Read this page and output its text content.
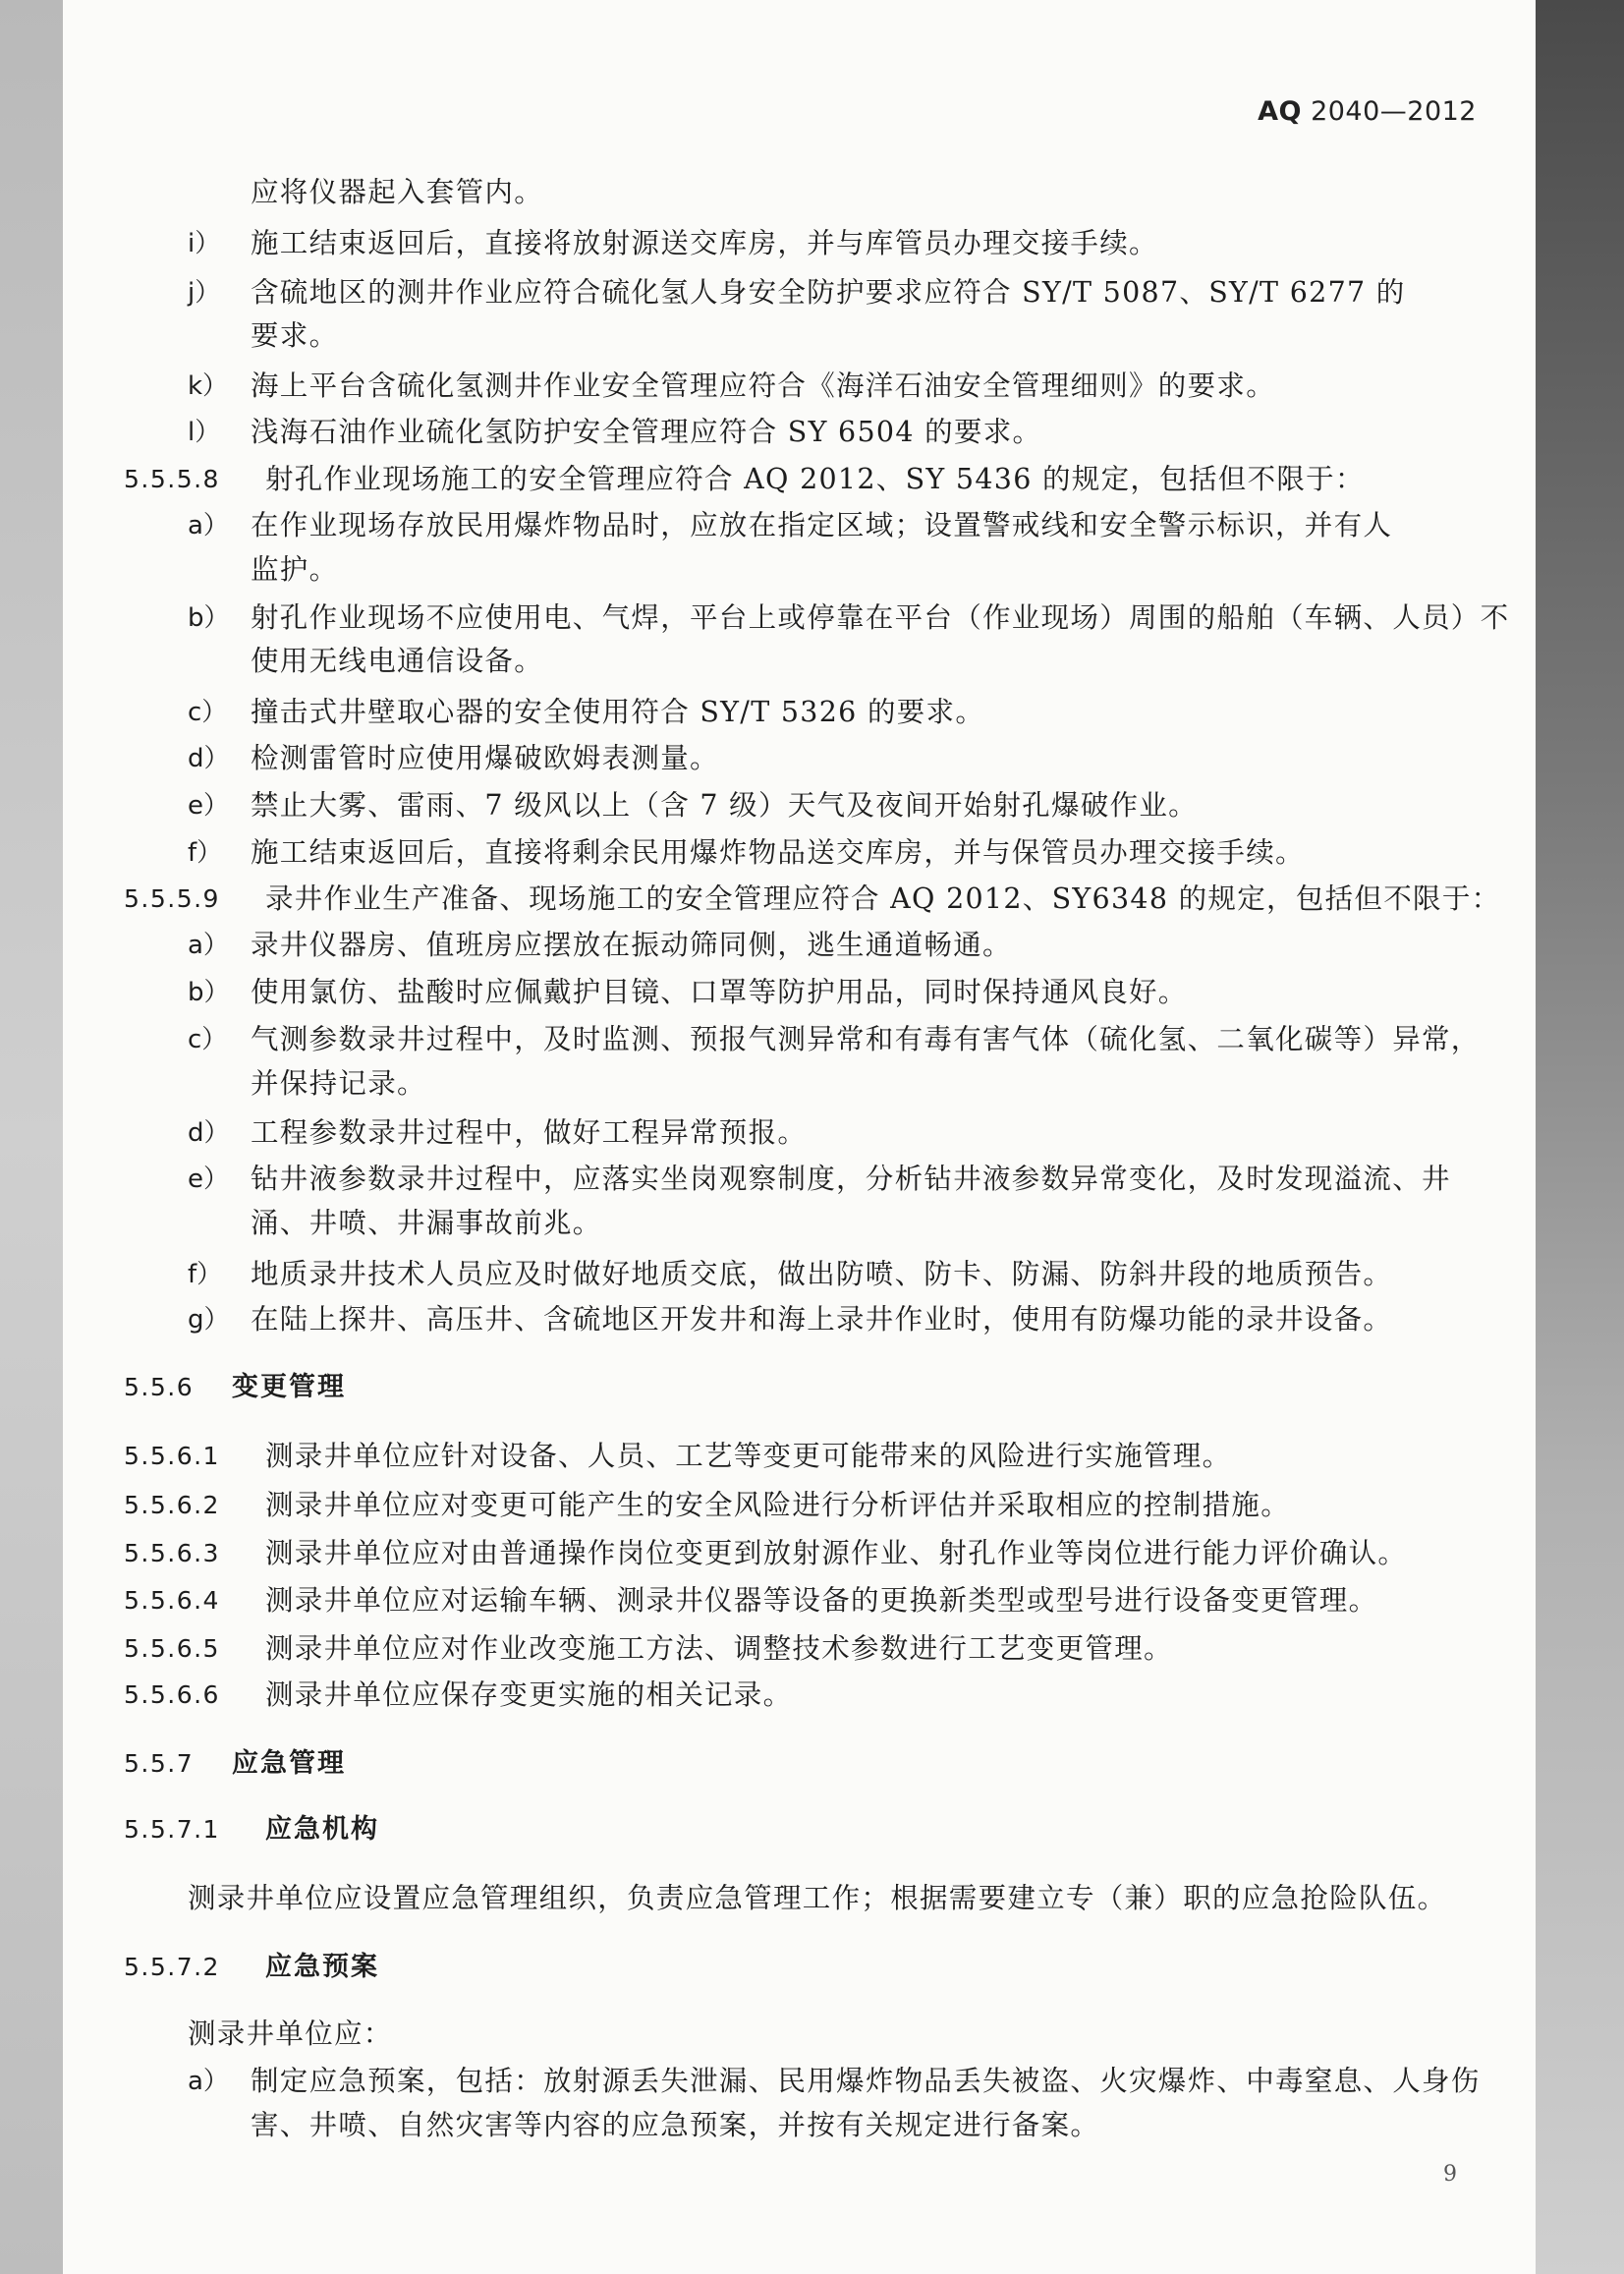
AQ 2040—2012
应将仪器起入套管内。
i） 施工结束返回后，直接将放射源送交库房，并与库管员办理交接手续。
j） 含硫地区的测井作业应符合硫化氢人身安全防护要求应符合 SY/T 5087、SY/T 6277 的
要求。
k） 海上平台含硫化氢测井作业安全管理应符合《海洋石油安全管理细则》的要求。
l） 浅海石油作业硫化氢防护安全管理应符合 SY 6504 的要求。
5.5.5.8 射孔作业现场施工的安全管理应符合 AQ 2012、SY 5436 的规定，包括但不限于：
a） 在作业现场存放民用爆炸物品时，应放在指定区域；设置警戒线和安全警示标识，并有人
监护。
b） 射孔作业现场不应使用电、气焊，平台上或停靠在平台（作业现场）周围的船舶（车辆、人员）不
使用无线电通信设备。
c） 撞击式井壁取心器的安全使用符合 SY/T 5326 的要求。
d） 检测雷管时应使用爆破欧姆表测量。
e） 禁止大雾、雷雨、7 级风以上（含 7 级）天气及夜间开始射孔爆破作业。
f） 施工结束返回后，直接将剩余民用爆炸物品送交库房，并与保管员办理交接手续。
5.5.5.9 录井作业生产准备、现场施工的安全管理应符合 AQ 2012、SY6348 的规定，包括但不限于：
a） 录井仪器房、值班房应摆放在振动筛同侧，逃生通道畅通。
b） 使用氯仿、盐酸时应佩戴护目镜、口罩等防护用品，同时保持通风良好。
c） 气测参数录井过程中，及时监测、预报气测异常和有毒有害气体（硫化氢、二氧化碳等）异常，
并保持记录。
d） 工程参数录井过程中，做好工程异常预报。
e） 钻井液参数录井过程中，应落实坐岗观察制度，分析钻井液参数异常变化，及时发现溢流、井
涌、井喷、井漏事故前兆。
f） 地质录井技术人员应及时做好地质交底，做出防喷、防卡、防漏、防斜井段的地质预告。
g） 在陆上探井、高压井、含硫地区开发井和海上录井作业时，使用有防爆功能的录井设备。
5.5.6 变更管理
5.5.6.1 测录井单位应针对设备、人员、工艺等变更可能带来的风险进行实施管理。
5.5.6.2 测录井单位应对变更可能产生的安全风险进行分析评估并采取相应的控制措施。
5.5.6.3 测录井单位应对由普通操作岗位变更到放射源作业、射孔作业等岗位进行能力评价确认。
5.5.6.4 测录井单位应对运输车辆、测录井仪器等设备的更换新类型或型号进行设备变更管理。
5.5.6.5 测录井单位应对作业改变施工方法、调整技术参数进行工艺变更管理。
5.5.6.6 测录井单位应保存变更实施的相关记录。
5.5.7 应急管理
5.5.7.1 应急机构
测录井单位应设置应急管理组织，负责应急管理工作；根据需要建立专（兼）职的应急抢险队伍。
5.5.7.2 应急预案
测录井单位应：
a） 制定应急预案，包括：放射源丢失泄漏、民用爆炸物品丢失被盗、火灾爆炸、中毒窒息、人身伤
害、井喷、自然灾害等内容的应急预案，并按有关规定进行备案。
9
